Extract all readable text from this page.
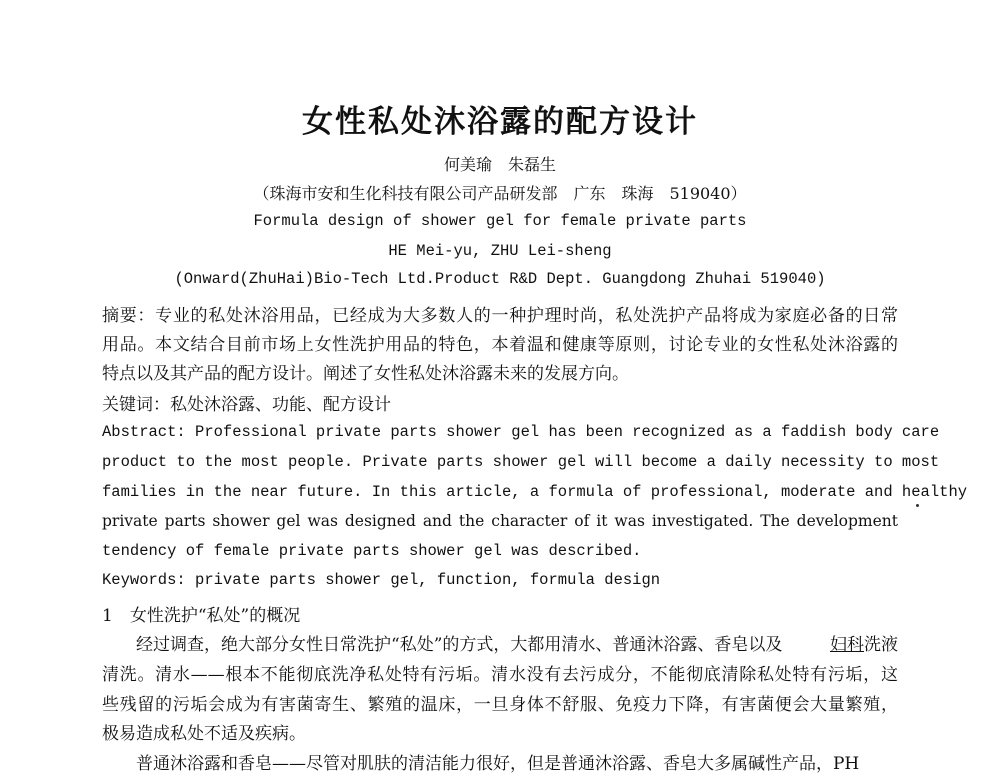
女性私处沐浴露的配方设计
何美瑜　朱磊生
（珠海市安和生化科技有限公司产品研发部　广东　珠海　519040）
Formula design of shower gel for female private parts
HE Mei-yu, ZHU Lei-sheng
(Onward(ZhuHai)Bio-Tech Ltd.Product R&D Dept. Guangdong Zhuhai 519040)
摘要：专业的私处沐浴用品，已经成为大多数人的一种护理时尚，私处洗护产品将成为家庭必备的日常
用品。本文结合目前市场上女性洗护用品的特色，本着温和健康等原则，讨论专业的女性私处沐浴露的
特点以及其产品的配方设计。阐述了女性私处沐浴露未来的发展方向。
关键词：私处沐浴露、功能、配方设计
Abstract: Professional private parts shower gel has been recognized as a faddish body care
product to the most people. Private parts shower gel will become a daily necessity to most
families in the near future. In this article, a formula of professional, moderate and healthy
private parts shower gel was designed and the character of it was investigated. The development
tendency of female private parts shower gel was described.
Keywords: private parts shower gel, function, formula design
1　女性洗护“私处”的概况
经过调查，绝大部分女性日常洗护“私处”的方式，大都用清水、普通沐浴露、香皂以及	妇科洗液
清洗。清水——根本不能彻底洗净私处特有污垢。清水没有去污成分，不能彻底清除私处特有污垢，这
些残留的污垢会成为有害菌寄生、繁殖的温床，一旦身体不舒服、免疫力下降，有害菌便会大量繁殖，
极易造成私处不适及疾病。
普通沐浴露和香皂——尽管对肌肤的清洁能力很好，但是普通沐浴露、香皂大多属碱性产品，PH
